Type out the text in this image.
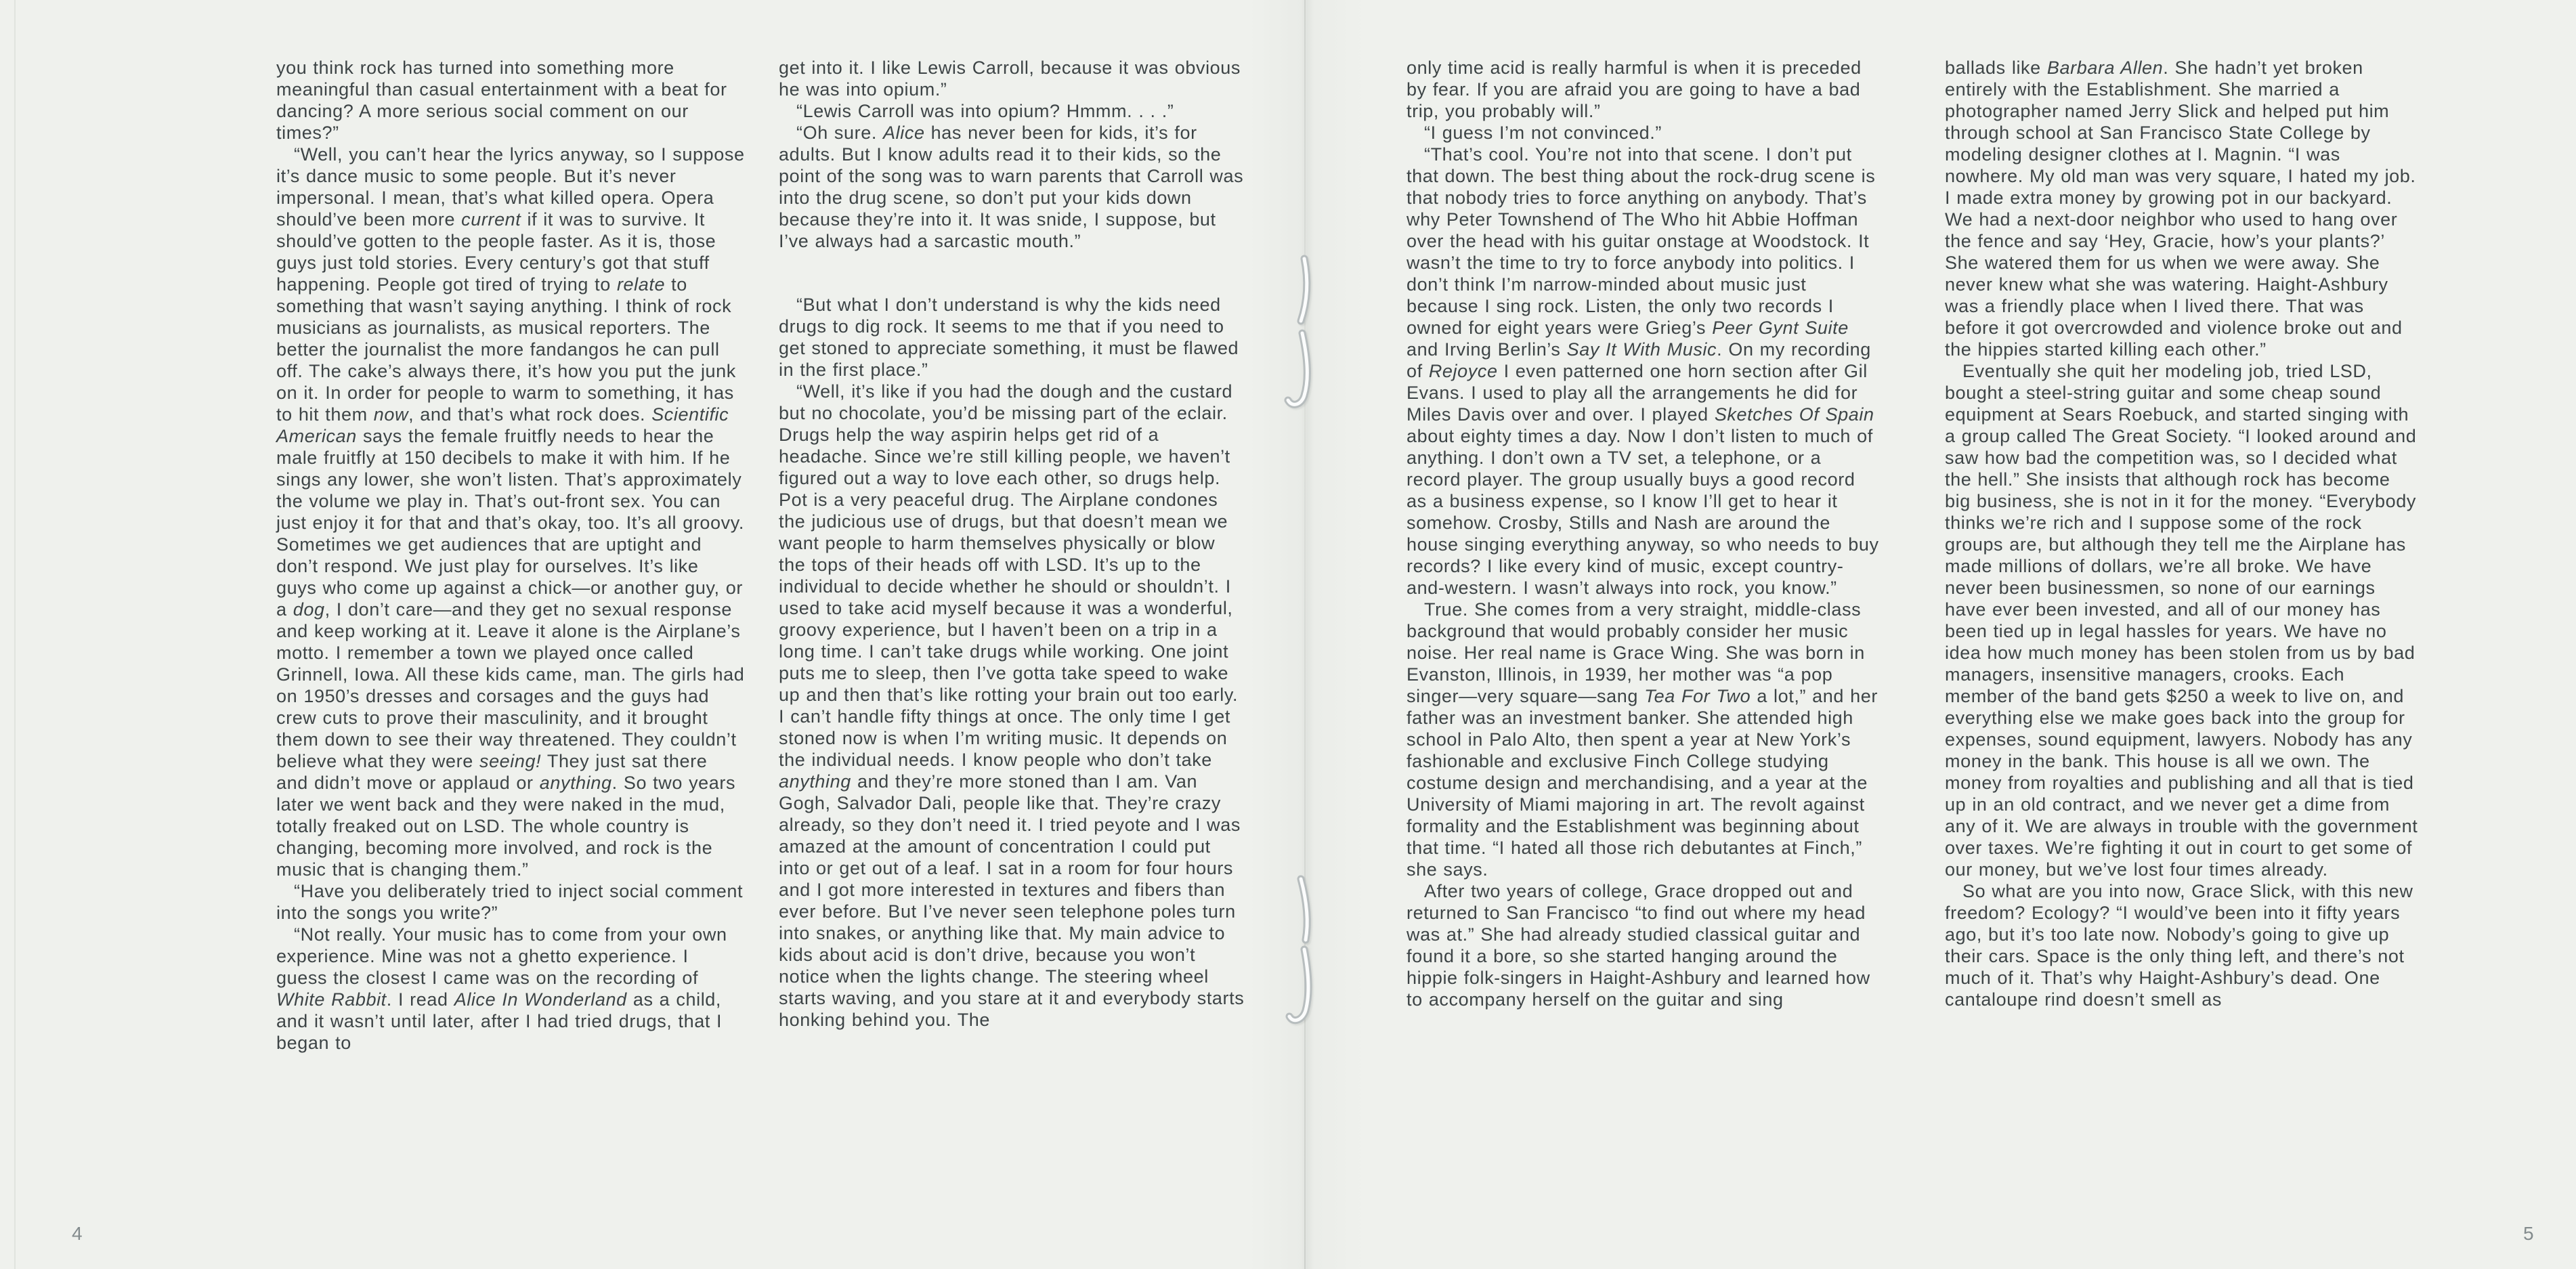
you think rock has turned into something more meaningful than casual entertainment with a beat for dancing? A more serious social comment on our times?”

“Well, you can’t hear the lyrics anyway, so I suppose it’s dance music to some people. But it’s never impersonal. I mean, that’s what killed opera. Opera should’ve been more current if it was to survive. It should’ve gotten to the people faster. As it is, those guys just told stories. Every century’s got that stuff happening. People got tired of trying to relate to something that wasn’t saying anything. I think of rock musicians as journalists, as musical reporters. The better the journalist the more fandangos he can pull off. The cake’s always there, it’s how you put the junk on it. In order for people to warm to something, it has to hit them now, and that’s what rock does. Scientific American says the female fruitfly needs to hear the male fruitfly at 150 decibels to make it with him. If he sings any lower, she won’t listen. That’s approximately the volume we play in. That’s out-front sex. You can just enjoy it for that and that’s okay, too. It’s all groovy. Sometimes we get audiences that are uptight and don’t respond. We just play for ourselves. It’s like guys who come up against a chick—or another guy, or a dog, I don’t care—and they get no sexual response and keep working at it. Leave it alone is the Airplane’s motto. I remember a town we played once called Grinnell, Iowa. All these kids came, man. The girls had on 1950’s dresses and corsages and the guys had crew cuts to prove their masculinity, and it brought them down to see their way threatened. They couldn’t believe what they were seeing! They just sat there and didn’t move or applaud or anything. So two years later we went back and they were naked in the mud, totally freaked out on LSD. The whole country is changing, becoming more involved, and rock is the music that is changing them.”

“Have you deliberately tried to inject social comment into the songs you write?”

“Not really. Your music has to come from your own experience. Mine was not a ghetto experience. I guess the closest I came was on the recording of White Rabbit. I read Alice In Wonderland as a child, and it wasn’t until later, after I had tried drugs, that I began to

get into it. I like Lewis Carroll, because it was obvious he was into opium.”

“Lewis Carroll was into opium? Hmmm. . . .”

“Oh sure. Alice has never been for kids, it’s for adults. But I know adults read it to their kids, so the point of the song was to warn parents that Carroll was into the drug scene, so don’t put your kids down because they’re into it. It was snide, I suppose, but I’ve always had a sarcastic mouth.”

“But what I don’t understand is why the kids need drugs to dig rock. It seems to me that if you need to get stoned to appreciate something, it must be flawed in the first place.”

“Well, it’s like if you had the dough and the custard but no chocolate, you’d be missing part of the eclair. Drugs help the way aspirin helps get rid of a headache. Since we’re still killing people, we haven’t figured out a way to love each other, so drugs help. Pot is a very peaceful drug. The Airplane condones the judicious use of drugs, but that doesn’t mean we want people to harm themselves physically or blow the tops of their heads off with LSD. It’s up to the individual to decide whether he should or shouldn’t. I used to take acid myself because it was a wonderful, groovy experience, but I haven’t been on a trip in a long time. I can’t take drugs while working. One joint puts me to sleep, then I’ve gotta take speed to wake up and then that’s like rotting your brain out too early. I can’t handle fifty things at once. The only time I get stoned now is when I’m writing music. It depends on the individual needs. I know people who don’t take anything and they’re more stoned than I am. Van Gogh, Salvador Dali, people like that. They’re crazy already, so they don’t need it. I tried peyote and I was amazed at the amount of concentration I could put into or get out of a leaf. I sat in a room for four hours and I got more interested in textures and fibers than ever before. But I’ve never seen telephone poles turn into snakes, or anything like that. My main advice to kids about acid is don’t drive, because you won’t notice when the lights change. The steering wheel starts waving, and you stare at it and everybody starts honking behind you. The

only time acid is really harmful is when it is preceded by fear. If you are afraid you are going to have a bad trip, you probably will.”

“I guess I’m not convinced.”

“That’s cool. You’re not into that scene. I don’t put that down. The best thing about the rock-drug scene is that nobody tries to force anything on anybody. That’s why Peter Townshend of The Who hit Abbie Hoffman over the head with his guitar onstage at Woodstock. It wasn’t the time to try to force anybody into politics. I don’t think I’m narrow-minded about music just because I sing rock. Listen, the only two records I owned for eight years were Grieg’s Peer Gynt Suite and Irving Berlin’s Say It With Music. On my recording of Rejoyce I even patterned one horn section after Gil Evans. I used to play all the arrangements he did for Miles Davis over and over. I played Sketches Of Spain about eighty times a day. Now I don’t listen to much of anything. I don’t own a TV set, a telephone, or a record player. The group usually buys a good record as a business expense, so I know I’ll get to hear it somehow. Crosby, Stills and Nash are around the house singing everything anyway, so who needs to buy records? I like every kind of music, except country-and-western. I wasn’t always into rock, you know.”

True. She comes from a very straight, middle-class background that would probably consider her music noise. Her real name is Grace Wing. She was born in Evanston, Illinois, in 1939, her mother was “a pop singer—very square—sang Tea For Two a lot,” and her father was an investment banker. She attended high school in Palo Alto, then spent a year at New York’s fashionable and exclusive Finch College studying costume design and merchandising, and a year at the University of Miami majoring in art. The revolt against formality and the Establishment was beginning about that time. “I hated all those rich debutantes at Finch,” she says.

After two years of college, Grace dropped out and returned to San Francisco “to find out where my head was at.” She had already studied classical guitar and found it a bore, so she started hanging around the hippie folk-singers in Haight-Ashbury and learned how to accompany herself on the guitar and sing

ballads like Barbara Allen. She hadn’t yet broken entirely with the Establishment. She married a photographer named Jerry Slick and helped put him through school at San Francisco State College by modeling designer clothes at I. Magnin. “I was nowhere. My old man was very square, I hated my job. I made extra money by growing pot in our backyard. We had a next-door neighbor who used to hang over the fence and say ‘Hey, Gracie, how’s your plants?’ She watered them for us when we were away. She never knew what she was watering. Haight-Ashbury was a friendly place when I lived there. That was before it got overcrowded and violence broke out and the hippies started killing each other.”

Eventually she quit her modeling job, tried LSD, bought a steel-string guitar and some cheap sound equipment at Sears Roebuck, and started singing with a group called The Great Society. “I looked around and saw how bad the competition was, so I decided what the hell.” She insists that although rock has become big business, she is not in it for the money. “Everybody thinks we’re rich and I suppose some of the rock groups are, but although they tell me the Airplane has made millions of dollars, we’re all broke. We have never been businessmen, so none of our earnings have ever been invested, and all of our money has been tied up in legal hassles for years. We have no idea how much money has been stolen from us by bad managers, insensitive managers, crooks. Each member of the band gets $250 a week to live on, and everything else we make goes back into the group for expenses, sound equipment, lawyers. Nobody has any money in the bank. This house is all we own. The money from royalties and publishing and all that is tied up in an old contract, and we never get a dime from any of it. We are always in trouble with the government over taxes. We’re fighting it out in court to get some of our money, but we’ve lost four times already.

So what are you into now, Grace Slick, with this new freedom? Ecology? “I would’ve been into it fifty years ago, but it’s too late now. Nobody’s going to give up their cars. Space is the only thing left, and there’s not much of it. That’s why Haight-Ashbury’s dead. One cantaloupe rind doesn’t smell as

4	5
